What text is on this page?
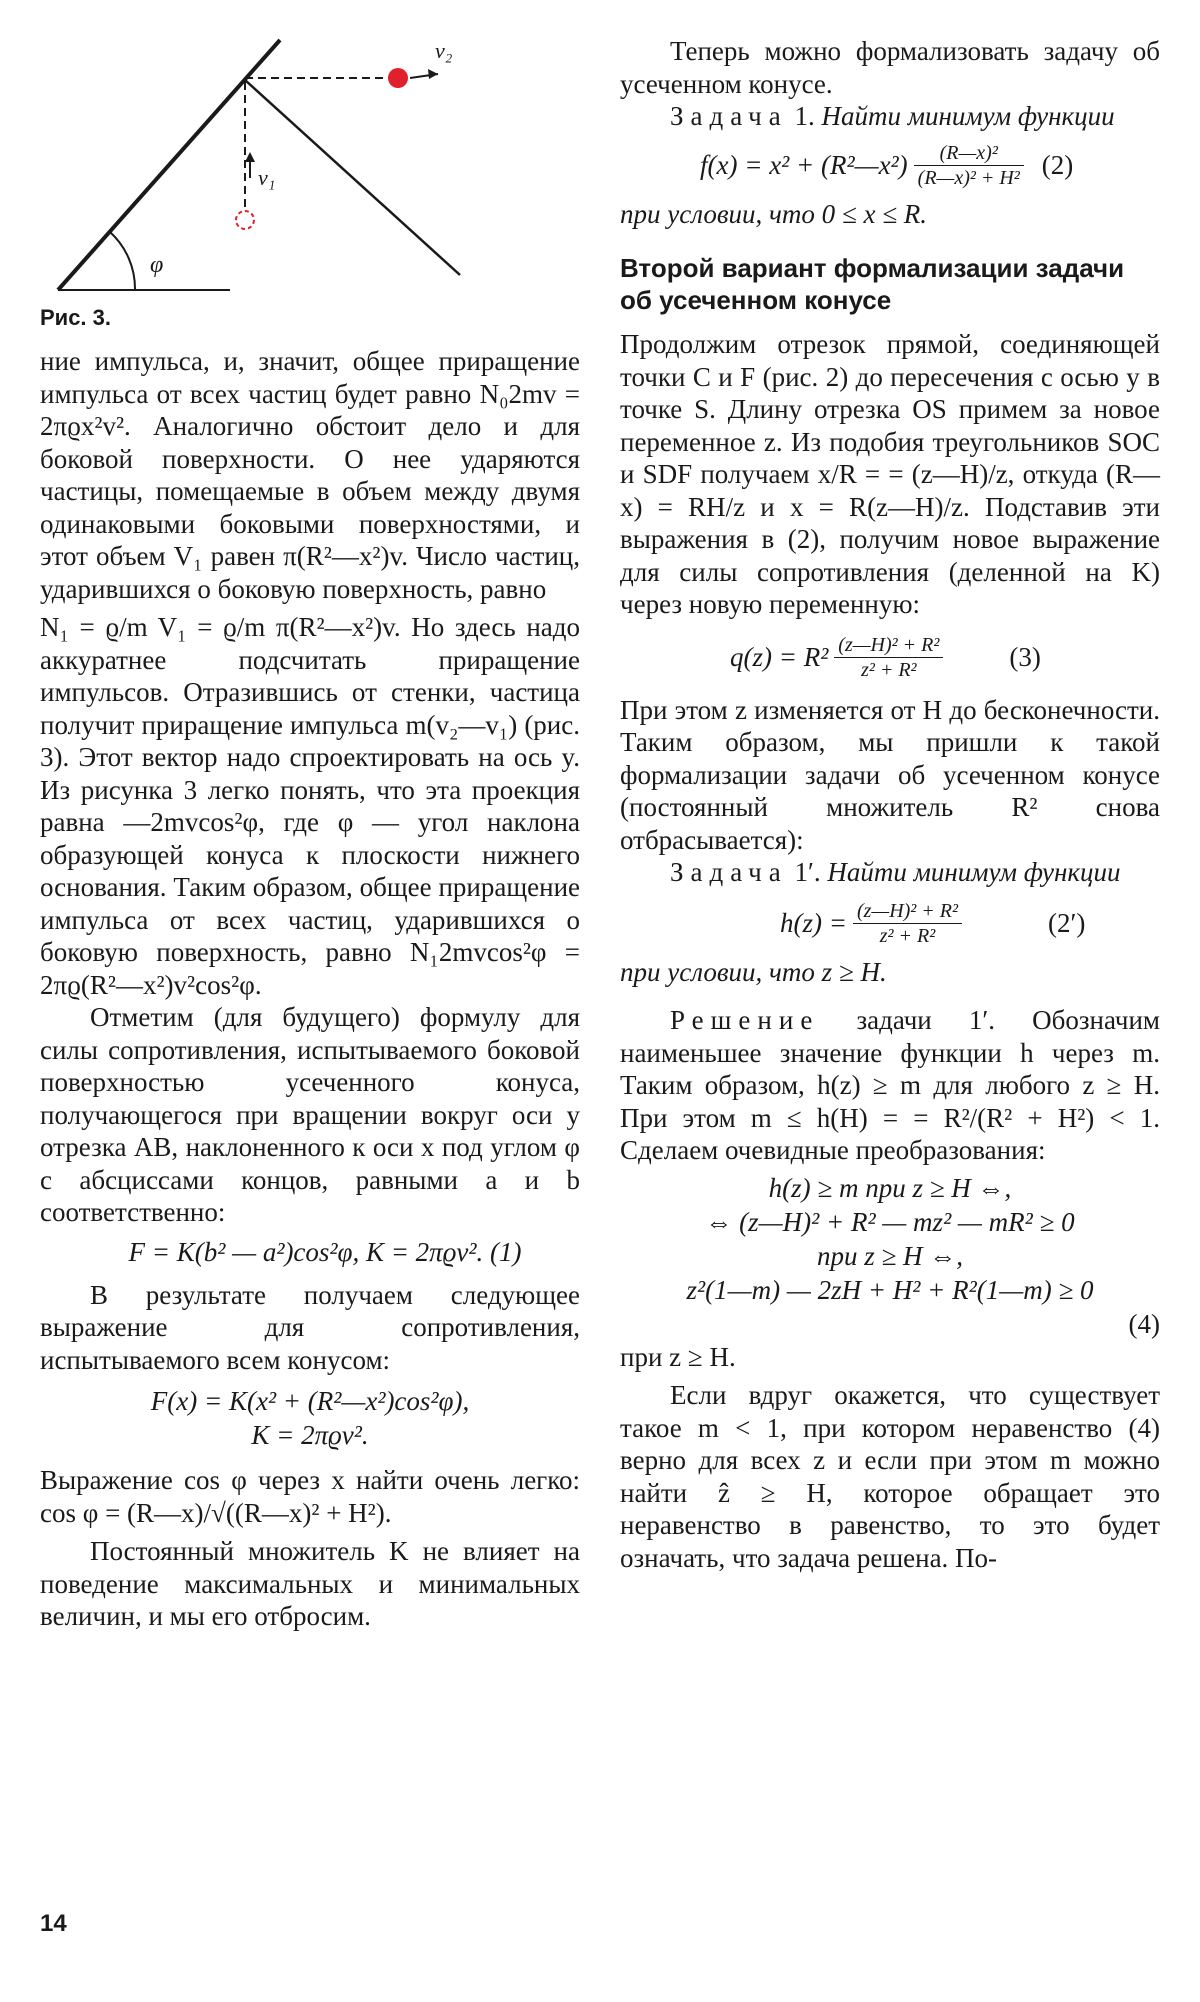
φ
v₂
v₁
Рис. 3.

ние импульса, и, значит, общее приращение импульса от всех частиц будет равно N₀2mv = 2πϱx²v². Аналогично обстоит дело и для боковой поверхности. О нее ударяются частицы, помещаемые в объем между двумя одинаковыми боковыми поверхностями, и этот объем V₁ равен π(R²—x²)v. Число частиц, ударившихся о боковую поверхность, равно

N₁ = ϱ/m V₁ = ϱ/m π(R²—x²)v. Но здесь надо аккуратнее подсчитать приращение импульсов. Отразившись от стенки, частица получит приращение импульса m(v₂—v₁) (рис. 3). Этот вектор надо спроектировать на ось y. Из рисунка 3 легко понять, что эта проекция равна —2mvcos²φ, где φ — угол наклона образующей конуса к плоскости нижнего основания. Таким образом, общее приращение импульса от всех частиц, ударившихся о боковую поверхность, равно N₁2mvcos²φ = 2πϱ(R²—x²)v²cos²φ.

Отметим (для будущего) формулу для силы сопротивления, испытываемого боковой поверхностью усеченного конуса, получающегося при вращении вокруг оси y отрезка AB, наклоненного к оси x под углом φ с абсциссами концов, равными a и b соответственно:

F = K(b² — a²)cos²φ, K = 2πϱv². (1)

В результате получаем следующее выражение для сопротивления, испытываемого всем конусом:

F(x) = K(x² + (R²—x²)cos²φ),
K = 2πϱv².

Выражение cos φ через x найти очень легко: cos φ = (R—x)/√((R—x)² + H²).

Постоянный множитель K не влияет на поведение максимальных и минимальных величин, и мы его отбросим.

14

Теперь можно формализовать задачу об усеченном конусе.

Задача 1. Найти минимум функции

f(x) = x² + (R²—x²) $\frac{\text{(R—x)²}}{\text{(R—x)² + H²}} (2)$

при условии, что 0 ≤ x ≤ R.

Второй вариант формализации задачи об усеченном конусе

Продолжим отрезок прямой, соединяющей точки C и F (рис. 2) до пересечения с осью y в точке S. Длину отрезка OS примем за новое переменное z. Из подобия треугольников SOC и SDF получаем x/R = = (z—H)/z, откуда (R—x) = RH/z и x = R(z—H)/z. Подставив эти выражения в (2), получим новое выражение для силы сопротивления (деленной на K) через новую переменную:

$q(z) = R^2 \frac{\text{(z—H)² + R²}}{\text{z² + R²}} (3)$

При этом z изменяется от H до бесконечности. Таким образом, мы пришли к такой формализации задачи об усеченном конусе (постоянный множитель R² снова отбрасывается):

Задача 1′. Найти минимум функции

$h(z) = \frac{\text{(z—H)² + R²}}{\text{z² + R²}}$	(2′)

при условии, что z ≥ H.

Решение задачи 1′. Обозначим наименьшее значение функции h через m. Таким образом, h(z) ≥ m для любого z ≥ H. При этом m ≤ h(H) = = R²/(R² + H²) < 1. Сделаем очевидные преобразования:

h(z) ≥ m при z ≥ H ⇔,
⇔ (z—H)² + R² — mz² — mR² ≥ 0
при z ≥ H ⇔,
z²(1—m) — 2zH + H² + R²(1—m) ≥ 0
(4)

при z ≥ H.

Если вдруг окажется, что существует такое m < 1, при котором неравенство (4) верно для всех z и если при этом m можно найти ẑ ≥ H, которое обращает это неравенство в равенство, то это будет означать, что задача решена. По-
